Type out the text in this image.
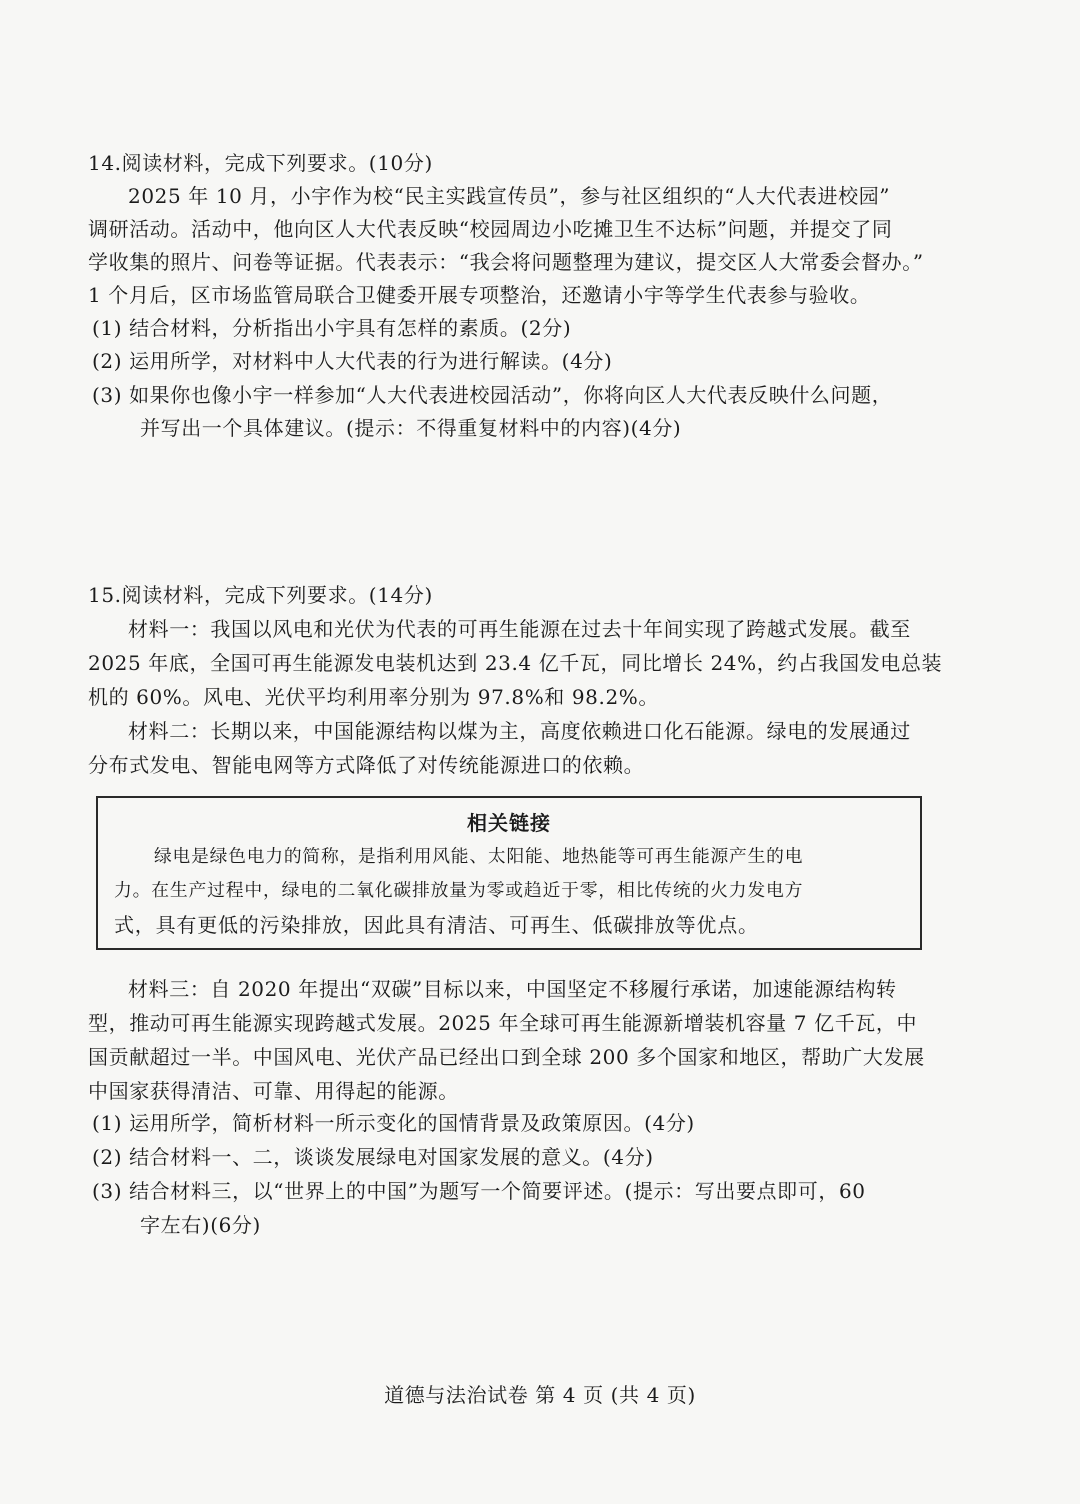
14.阅读材料，完成下列要求。(10分)
2025 年 10 月，小宇作为校“民主实践宣传员”，参与社区组织的“人大代表进校园”
调研活动。活动中，他向区人大代表反映“校园周边小吃摊卫生不达标”问题，并提交了同
学收集的照片、问卷等证据。代表表示：“我会将问题整理为建议，提交区人大常委会督办。”
1 个月后，区市场监管局联合卫健委开展专项整治，还邀请小宇等学生代表参与验收。
(1) 结合材料，分析指出小宇具有怎样的素质。(2分)
(2) 运用所学，对材料中人大代表的行为进行解读。(4分)
(3) 如果你也像小宇一样参加“人大代表进校园活动”，你将向区人大代表反映什么问题，
并写出一个具体建议。(提示：不得重复材料中的内容)(4分)
15.阅读材料，完成下列要求。(14分)
材料一：我国以风电和光伏为代表的可再生能源在过去十年间实现了跨越式发展。截至
2025 年底，全国可再生能源发电装机达到 23.4 亿千瓦，同比增长 24%，约占我国发电总装
机的 60%。风电、光伏平均利用率分别为 97.8%和 98.2%。
材料二：长期以来，中国能源结构以煤为主，高度依赖进口化石能源。绿电的发展通过
分布式发电、智能电网等方式降低了对传统能源进口的依赖。
相关链接
绿电是绿色电力的简称，是指利用风能、太阳能、地热能等可再生能源产生的电
力。在生产过程中，绿电的二氧化碳排放量为零或趋近于零，相比传统的火力发电方
式，具有更低的污染排放，因此具有清洁、可再生、低碳排放等优点。
材料三：自 2020 年提出“双碳”目标以来，中国坚定不移履行承诺，加速能源结构转
型，推动可再生能源实现跨越式发展。2025 年全球可再生能源新增装机容量 7 亿千瓦，中
国贡献超过一半。中国风电、光伏产品已经出口到全球 200 多个国家和地区，帮助广大发展
中国家获得清洁、可靠、用得起的能源。
(1) 运用所学，简析材料一所示变化的国情背景及政策原因。(4分)
(2) 结合材料一、二，谈谈发展绿电对国家发展的意义。(4分)
(3) 结合材料三，以“世界上的中国”为题写一个简要评述。(提示：写出要点即可，60
字左右)(6分)
道德与法治试卷 第 4 页 (共 4 页)
